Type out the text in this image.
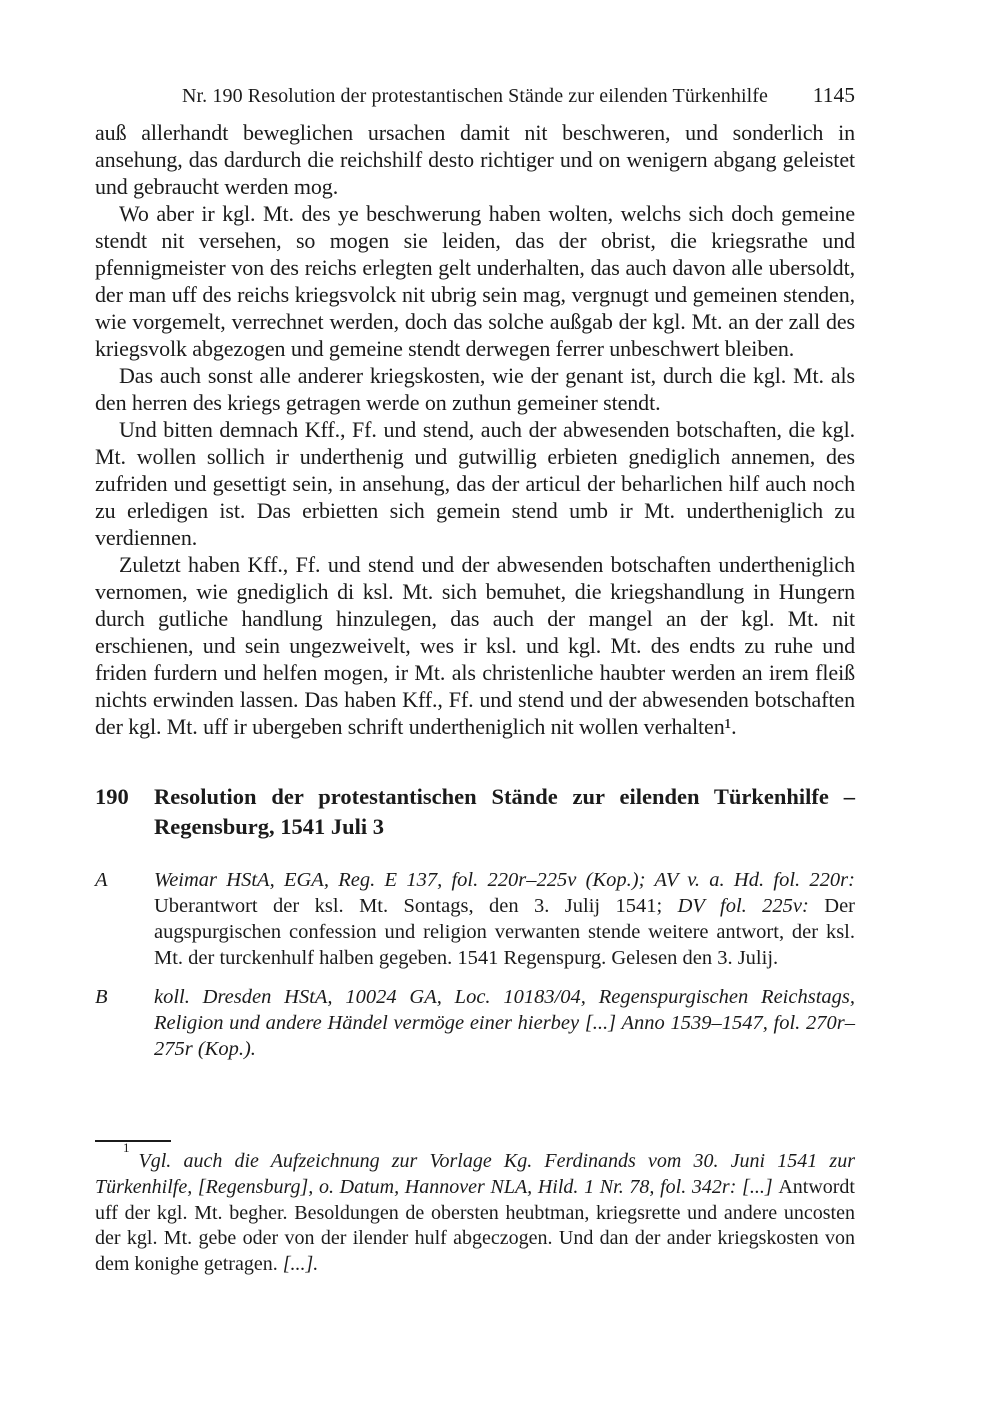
Nr. 190 Resolution der protestantischen Stände zur eilenden Türkenhilfe	1145

auß allerhandt beweglichen ursachen damit nit beschweren, und sonderlich in ansehung, das dardurch die reichshilf desto richtiger und on wenigern abgang geleistet und gebraucht werden mog.

Wo aber ir kgl. Mt. des ye beschwerung haben wolten, welchs sich doch gemeine stendt nit versehen, so mogen sie leiden, das der obrist, die kriegsrathe und pfennigmeister von des reichs erlegten gelt underhalten, das auch davon alle ubersoldt, der man uff des reichs kriegsvolck nit ubrig sein mag, vergnugt und gemeinen stenden, wie vorgemelt, verrechnet werden, doch das solche außgab der kgl. Mt. an der zall des kriegsvolk abgezogen und gemeine stendt derwegen ferrer unbeschwert bleiben.

Das auch sonst alle anderer kriegskosten, wie der genant ist, durch die kgl. Mt. als den herren des kriegs getragen werde on zuthun gemeiner stendt.

Und bitten demnach Kff., Ff. und stend, auch der abwesenden botschaften, die kgl. Mt. wollen sollich ir underthenig und gutwillig erbieten gnediglich annemen, des zufriden und gesettigt sein, in ansehung, das der articul der beharlichen hilf auch noch zu erledigen ist. Das erbietten sich gemein stend umb ir Mt. undertheniglich zu verdiennen.

Zuletzt haben Kff., Ff. und stend und der abwesenden botschaften undertheniglich vernomen, wie gnediglich di ksl. Mt. sich bemuhet, die kriegshandlung in Hungern durch gutliche handlung hinzulegen, das auch der mangel an der kgl. Mt. nit erschienen, und sein ungezweivelt, wes ir ksl. und kgl. Mt. des endts zu ruhe und friden furdern und helfen mogen, ir Mt. als christenliche haubter werden an irem fleiß nichts erwinden lassen. Das haben Kff., Ff. und stend und der abwesenden botschaften der kgl. Mt. uff ir ubergeben schrift undertheniglich nit wollen verhalten¹.

190	Resolution der protestantischen Stände zur eilenden Türkenhilfe – Regensburg, 1541 Juli 3
A	Weimar HStA, EGA, Reg. E 137, fol. 220r–225v (Kop.); AV v. a. Hd. fol. 220r: Uberantwort der ksl. Mt. Sontags, den 3. Julij 1541; DV fol. 225v: Der augspurgischen confession und religion verwanten stende weitere antwort, der ksl. Mt. der turckenhulf halben gegeben. 1541 Regenspurg. Gelesen den 3. Julij.

B	koll. Dresden HStA, 10024 GA, Loc. 10183/04, Regenspurgischen Reichstags, Religion und andere Händel vermöge einer hierbey [...] Anno 1539–1547, fol. 270r–275r (Kop.).

$^1$Vgl. auch die Aufzeichnung zur Vorlage Kg. Ferdinands vom 30. Juni 1541 zur Türkenhilfe, [Regensburg], o. Datum, Hannover NLA, Hild. 1 Nr. 78, fol. 342r: [...] Antwordt uff der kgl. Mt. begher. Besoldungen de obersten heubtman, kriegsrette und andere uncosten der kgl. Mt. gebe oder von der ilender hulf abgeczogen. Und dan der ander kriegskosten von dem konighe getragen. [...].
